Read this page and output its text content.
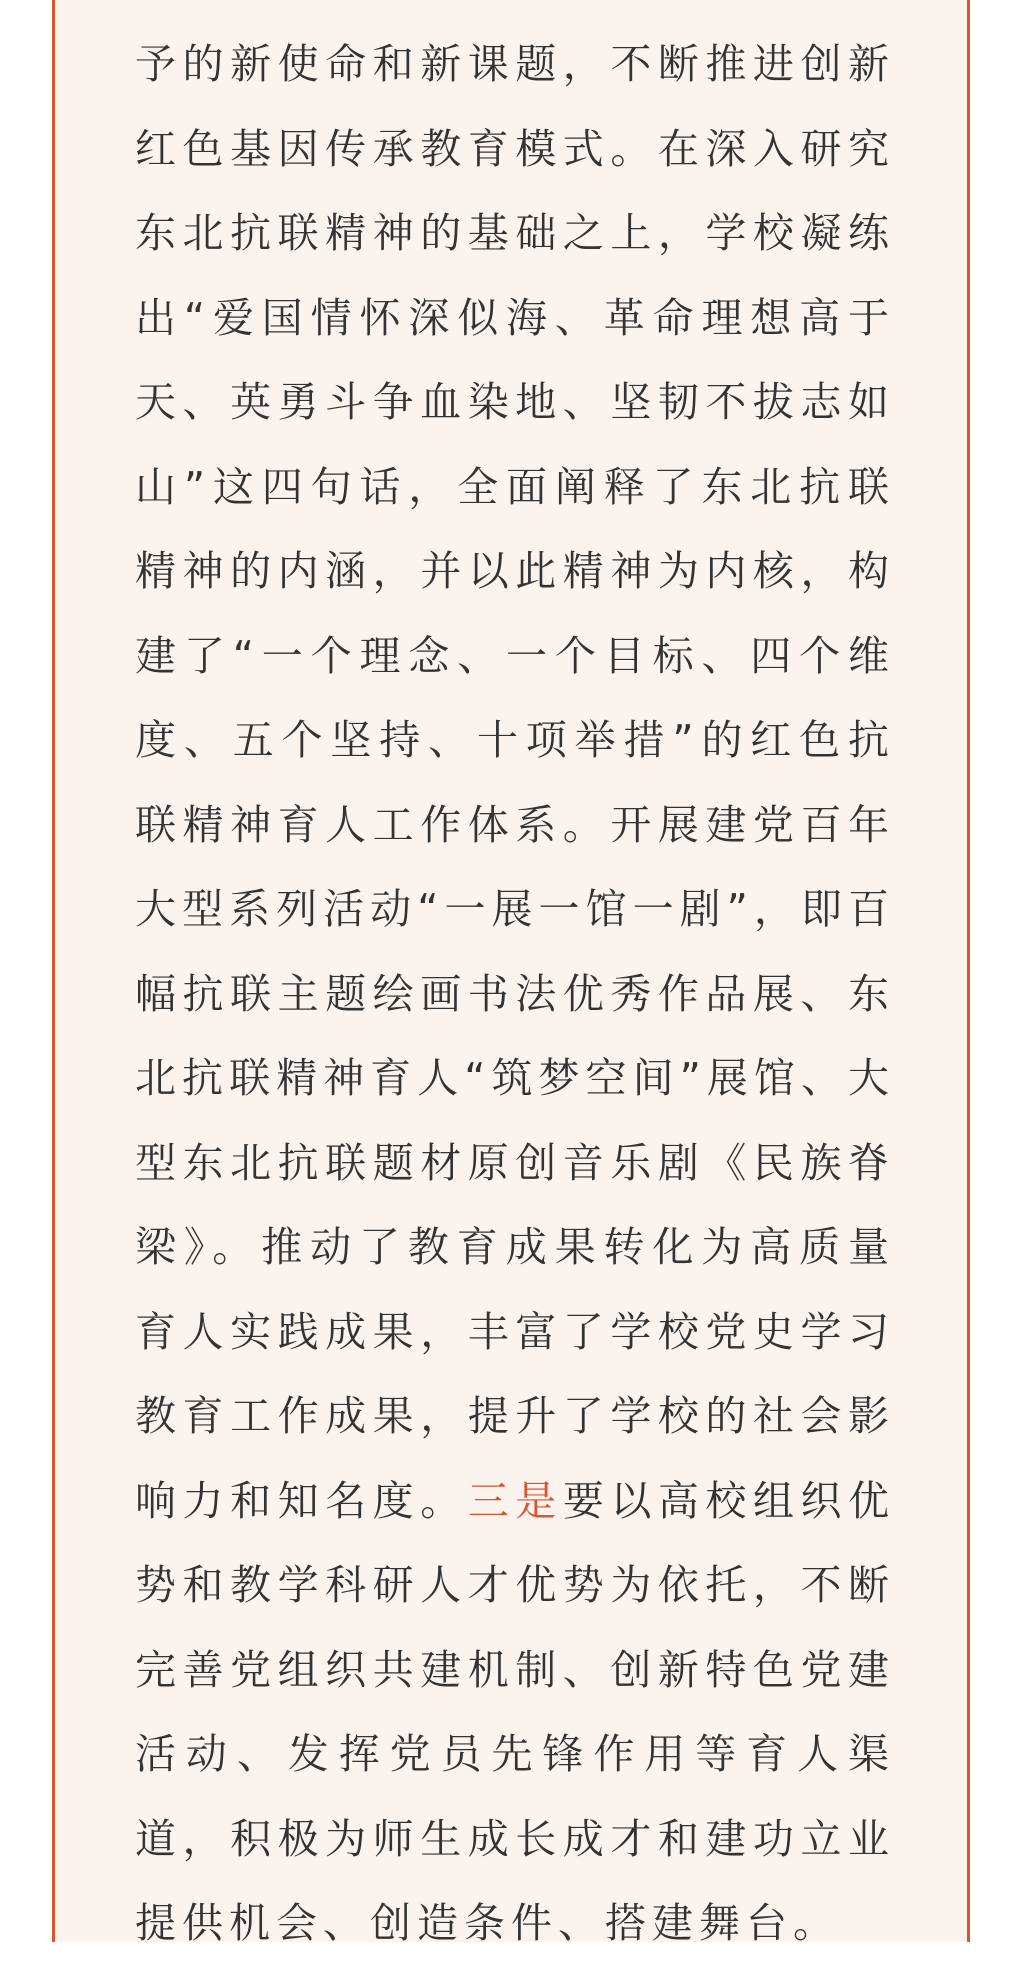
予的新使命和新课题，不断推进创新红色基因传承教育模式。在深入研究东北抗联精神的基础之上，学校凝练出“爱国情怀深似海、革命理想高于天、英勇斗争血染地、坚韧不拔志如山”这四句话，全面阐释了东北抗联精神的内涵，并以此精神为内核，构建了“一个理念、一个目标、四个维度、五个坚持、十项举措”的红色抗联精神育人工作体系。开展建党百年大型系列活动“一展一馆一剧”，即百幅抗联主题绘画书法优秀作品展、东北抗联精神育人“筑梦空间”展馆、大型东北抗联题材原创音乐剧《民族脊梁》。推动了教育成果转化为高质量育人实践成果，丰富了学校党史学习教育工作成果，提升了学校的社会影响力和知名度。三是要以高校组织优势和教学科研人才优势为依托，不断完善党组织共建机制、创新特色党建活动、发挥党员先锋作用等育人渠道，积极为师生成长成才和建功立业提供机会、创造条件、搭建舞台。
